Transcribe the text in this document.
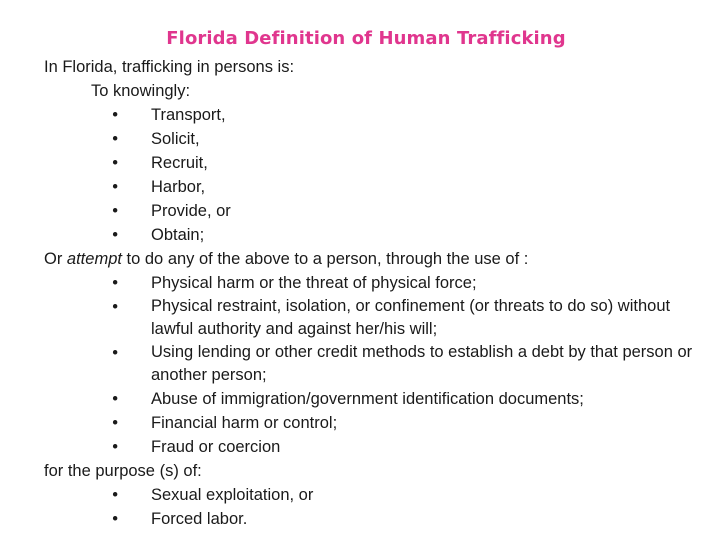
Florida Definition of Human Trafficking
In Florida, trafficking in persons is:
To knowingly:
•	Transport,
•	Solicit,
•	Recruit,
•	Harbor,
•	Provide, or
•	Obtain;
Or attempt to do any of the above to a person, through the use of :
•	Physical harm or the threat of physical force;
•	Physical restraint, isolation, or confinement (or threats to do so) without lawful authority and against her/his will;
•	Using lending or other credit methods to establish a debt by that person or another person;
•	Abuse of immigration/government identification documents;
•	Financial harm or control;
•	Fraud or coercion
for the purpose (s) of:
•	Sexual exploitation, or
•	Forced labor.
